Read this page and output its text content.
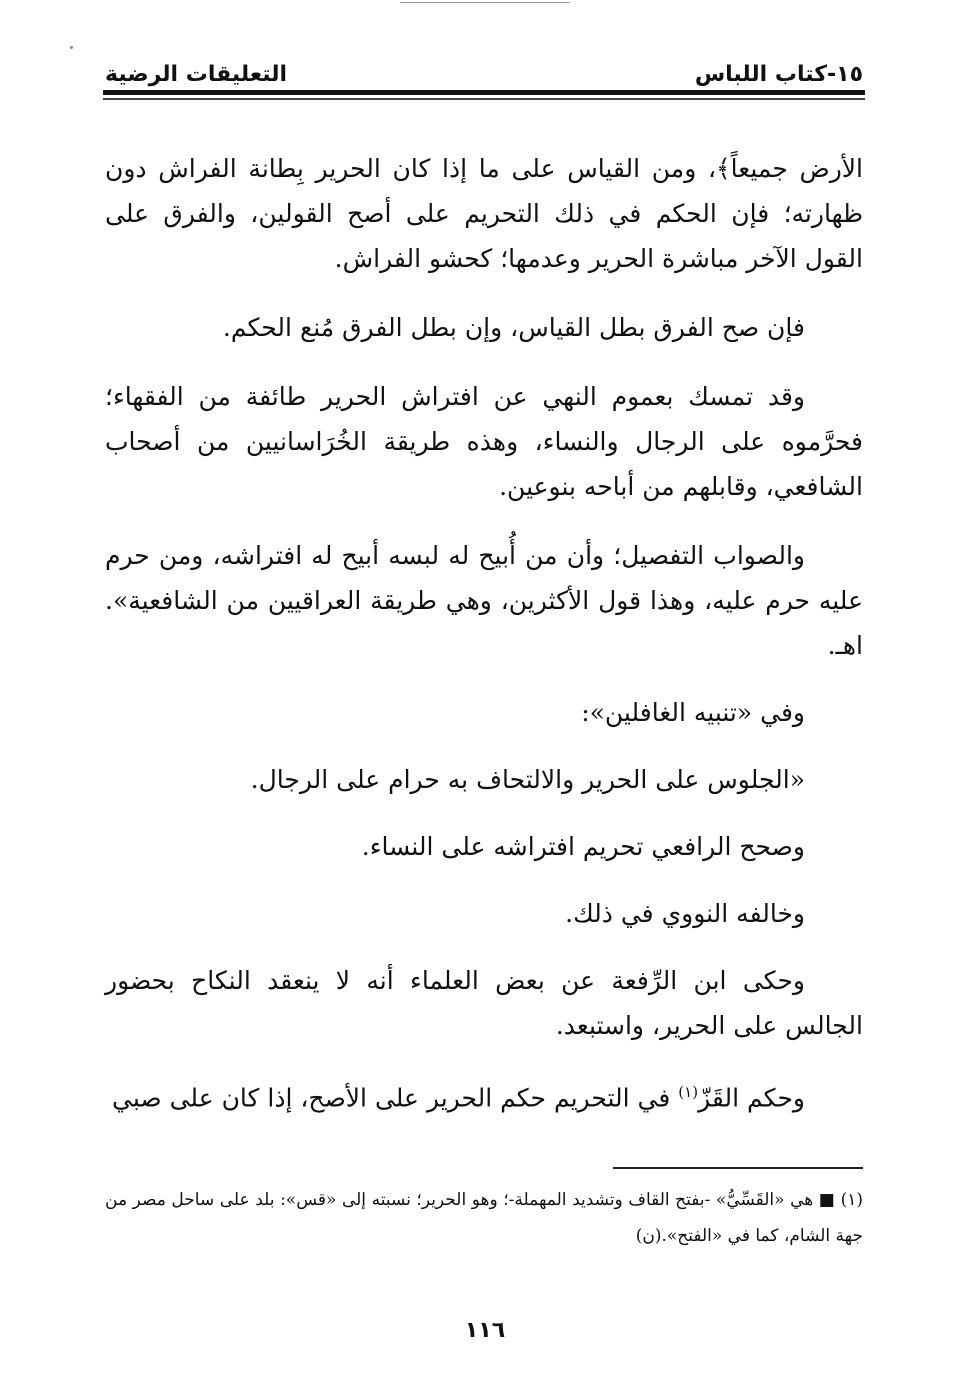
١٥-كتاب اللباس
التعليقات الرضية

الأرض جميعاً﴾، ومن القياس على ما إذا كان الحرير بِطانة الفراش دون ظهارته؛ فإن الحكم في ذلك التحريم على أصح القولين، والفرق على القول الآخر مباشرة الحرير وعدمها؛ كحشو الفراش.

فإن صح الفرق بطل القياس، وإن بطل الفرق مُنع الحكم.

وقد تمسك بعموم النهي عن افتراش الحرير طائفة من الفقهاء؛ فحرَّموه على الرجال والنساء، وهذه طريقة الخُرَاسانيين من أصحاب الشافعي، وقابلهم من أباحه بنوعين.

والصواب التفصيل؛ وأن من أُبيح له لبسه أبيح له افتراشه، ومن حرم عليه حرم عليه، وهذا قول الأكثرين، وهي طريقة العراقيين من الشافعية». اهـ.

وفي «تنبيه الغافلين»:

«الجلوس على الحرير والالتحاف به حرام على الرجال.

وصحح الرافعي تحريم افتراشه على النساء.

وخالفه النووي في ذلك.

وحكى ابن الرِّفعة عن بعض العلماء أنه لا ينعقد النكاح بحضور الجالس على الحرير، واستبعد.

وحكم القَزّ$^{(١)}$ في التحريم حكم الحرير على الأصح، إذا كان على صبي

(١) ■ هي «القَسِّيُّ» -بفتح القاف وتشديد المهملة-؛ وهو الحرير؛ نسبته إلى «قس»: بلد على ساحل مصر من جهة الشام، كما في «الفتح».(ن)

١١٦
